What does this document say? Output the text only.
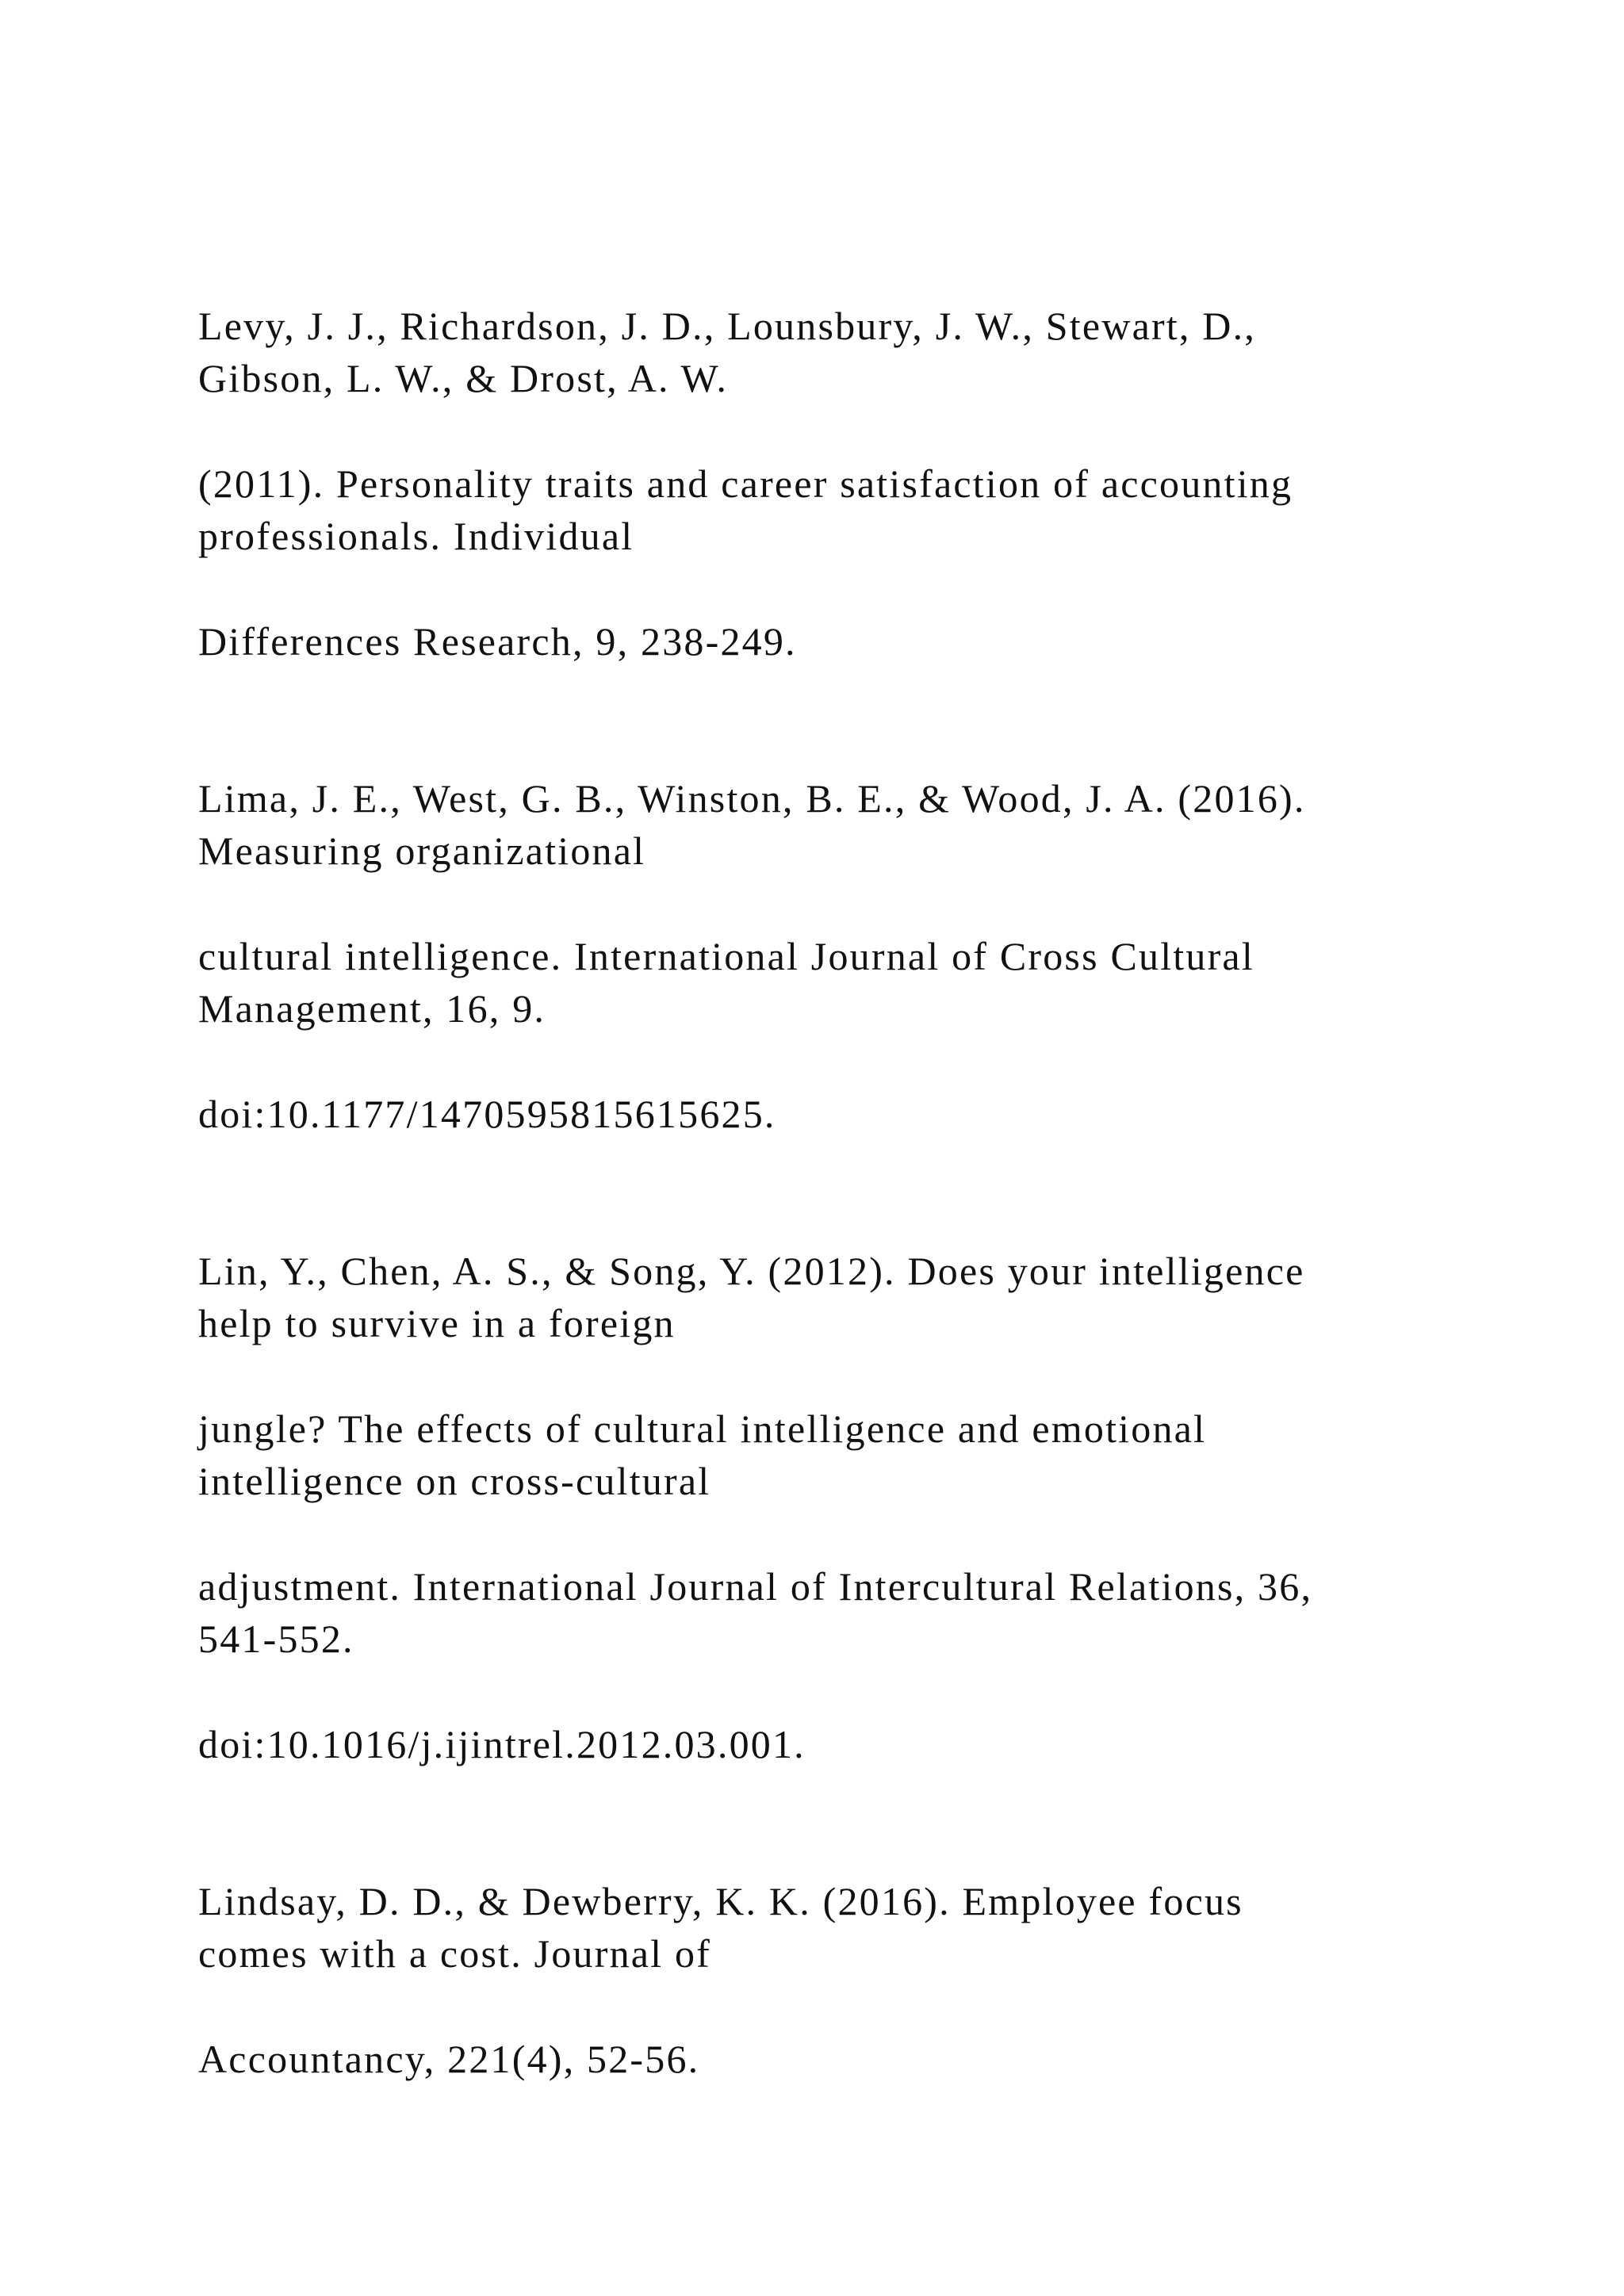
Levy, J. J., Richardson, J. D., Lounsbury, J. W., Stewart, D.,
Gibson, L. W., & Drost, A. W.
(2011). Personality traits and career satisfaction of accounting
professionals. Individual
Differences Research, 9, 238-249.
Lima, J. E., West, G. B., Winston, B. E., & Wood, J. A. (2016).
Measuring organizational
cultural intelligence. International Journal of Cross Cultural
Management, 16, 9.
doi:10.1177/1470595815615625.
Lin, Y., Chen, A. S., & Song, Y. (2012). Does your intelligence
help to survive in a foreign
jungle? The effects of cultural intelligence and emotional
intelligence on cross-cultural
adjustment. International Journal of Intercultural Relations, 36,
541-552.
doi:10.1016/j.ijintrel.2012.03.001.
Lindsay, D. D., & Dewberry, K. K. (2016). Employee focus
comes with a cost. Journal of
Accountancy, 221(4), 52-56.
